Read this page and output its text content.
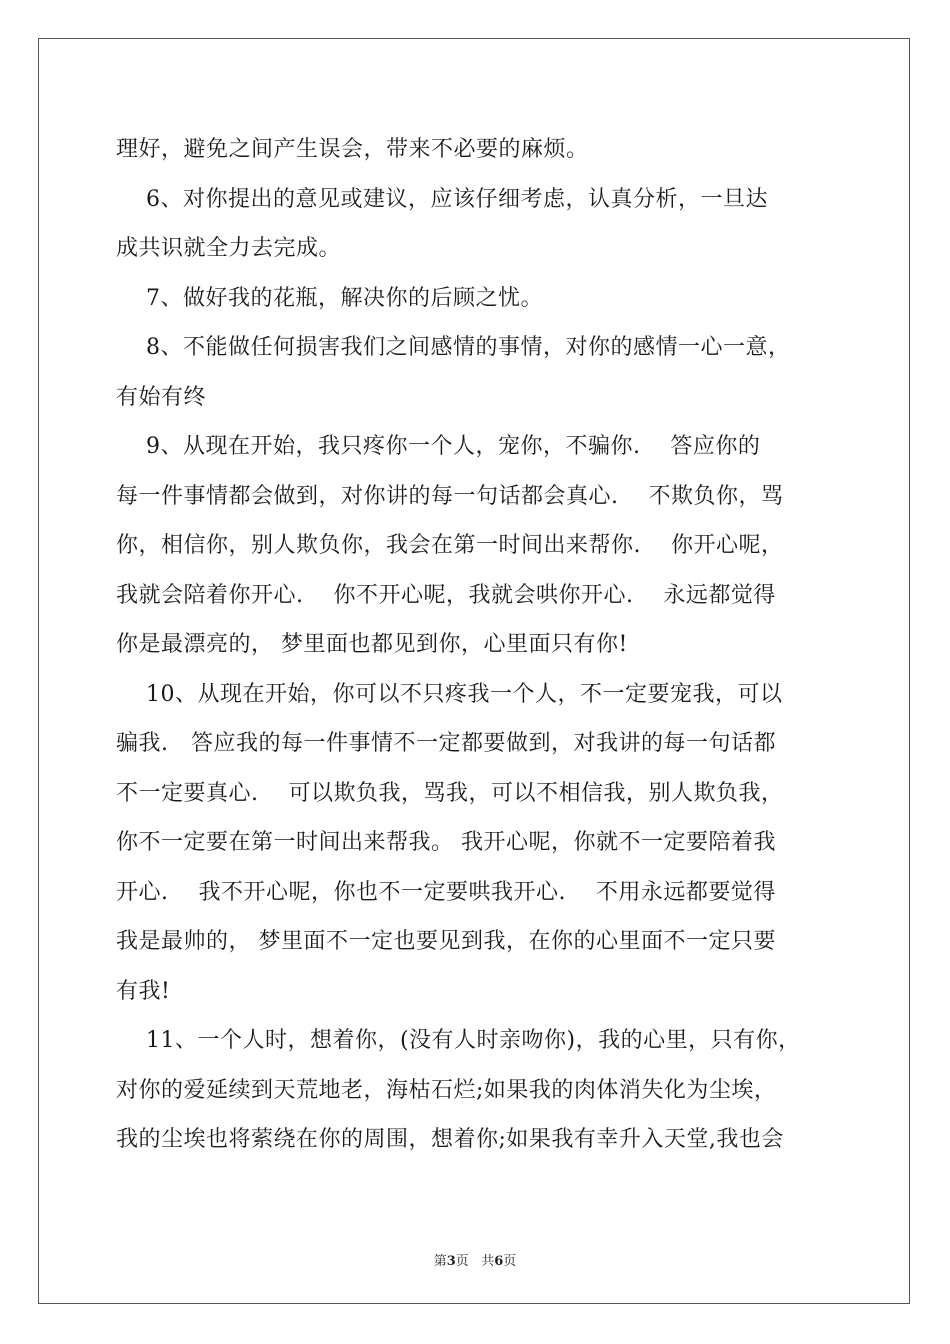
理好，避免之间产生误会，带来不必要的麻烦。
6、对你提出的意见或建议，应该仔细考虑，认真分析，一旦达
成共识就全力去完成。
7、做好我的花瓶，解决你的后顾之忧。
8、不能做任何损害我们之间感情的事情，对你的感情一心一意，
有始有终
9、从现在开始，我只疼你一个人，宠你，不骗你.    答应你的
每一件事情都会做到，对你讲的每一句话都会真心.    不欺负你，骂
你，相信你，别人欺负你，我会在第一时间出来帮你.    你开心呢，
我就会陪着你开心.    你不开心呢，我就会哄你开心.    永远都觉得
你是最漂亮的， 梦里面也都见到你，心里面只有你!
10、从现在开始，你可以不只疼我一个人，不一定要宠我，可以
骗我.   答应我的每一件事情不一定都要做到，对我讲的每一句话都
不一定要真心.    可以欺负我，骂我，可以不相信我，别人欺负我，
你不一定要在第一时间出来帮我。 我开心呢，你就不一定要陪着我
开心.    我不开心呢，你也不一定要哄我开心.    不用永远都要觉得
我是最帅的， 梦里面不一定也要见到我，在你的心里面不一定只要
有我!
11、一个人时，想着你，(没有人时亲吻你)，我的心里，只有你，
对你的爱延续到天荒地老，海枯石烂;如果我的肉体消失化为尘埃，
我的尘埃也将萦绕在你的周围，想着你;如果我有幸升入天堂,我也会
第3页   共6页
